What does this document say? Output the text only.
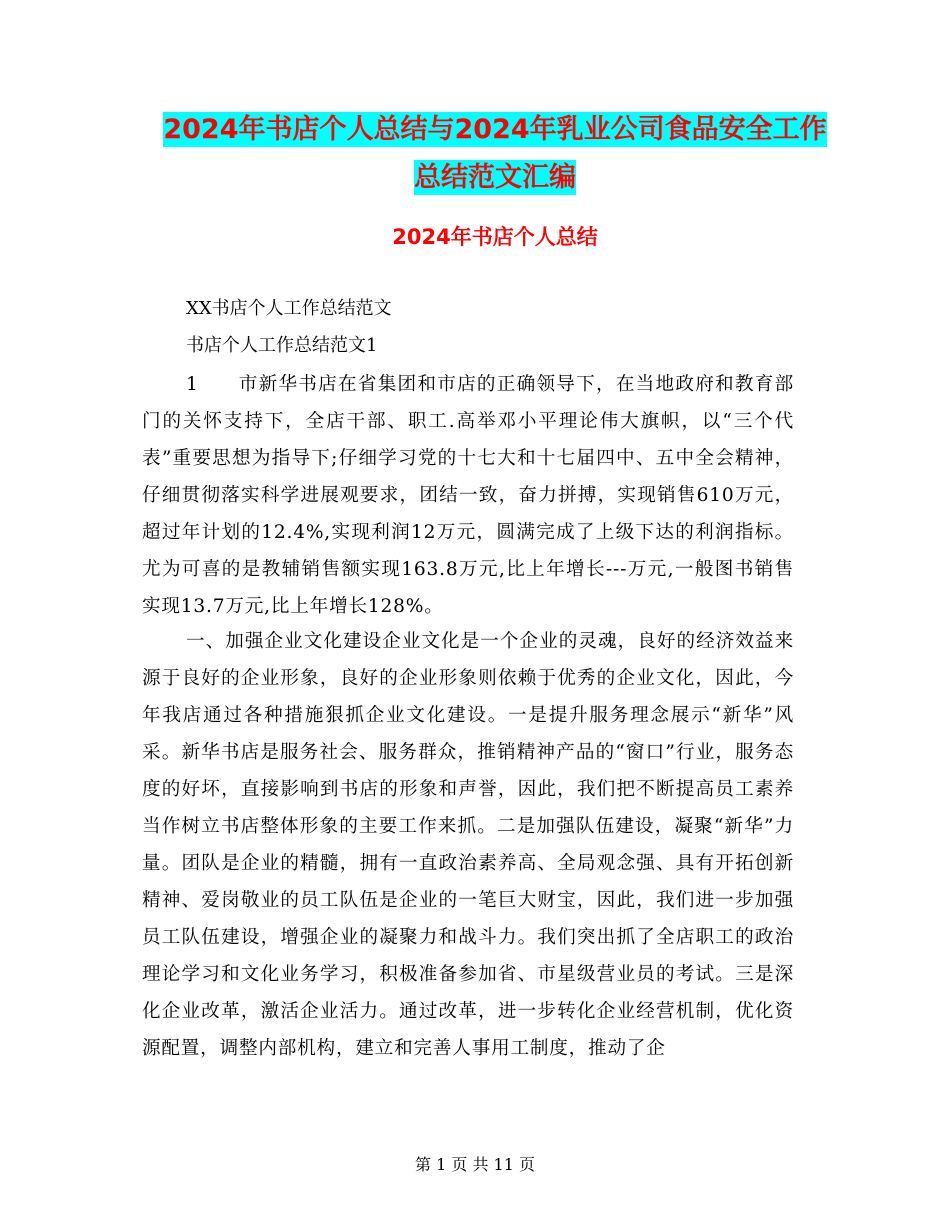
2024年书店个人总结与2024年乳业公司食品安全工作
总结范文汇编
2024年书店个人总结
XX书店个人工作总结范文
书店个人工作总结范文1

1　　市新华书店在省集团和市店的正确领导下，在当地政府和教育部门的关怀支持下，全店干部、职工.高举邓小平理论伟大旗帜，以“三个代表”重要思想为指导下;仔细学习党的十七大和十七届四中、五中全会精神，仔细贯彻落实科学进展观要求，团结一致，奋力拼搏，实现销售610万元，超过年计划的12.4%,实现利润12万元，圆满完成了上级下达的利润指标。尤为可喜的是教辅销售额实现163.8万元,比上年增长---万元,一般图书销售实现13.7万元,比上年增长128%。

一、加强企业文化建设企业文化是一个企业的灵魂，良好的经济效益来源于良好的企业形象，良好的企业形象则依赖于优秀的企业文化，因此，今年我店通过各种措施狠抓企业文化建设。一是提升服务理念展示“新华”风采。新华书店是服务社会、服务群众，推销精神产品的“窗口”行业，服务态度的好坏，直接影响到书店的形象和声誉，因此，我们把不断提高员工素养当作树立书店整体形象的主要工作来抓。二是加强队伍建设，凝聚“新华”力量。团队是企业的精髓，拥有一直政治素养高、全局观念强、具有开拓创新精神、爱岗敬业的员工队伍是企业的一笔巨大财宝，因此，我们进一步加强员工队伍建设，增强企业的凝聚力和战斗力。我们突出抓了全店职工的政治理论学习和文化业务学习，积极准备参加省、市星级营业员的考试。三是深化企业改革，激活企业活力。通过改革，进一步转化企业经营机制，优化资源配置，调整内部机构，建立和完善人事用工制度，推动了企

第 1 页 共 11 页
